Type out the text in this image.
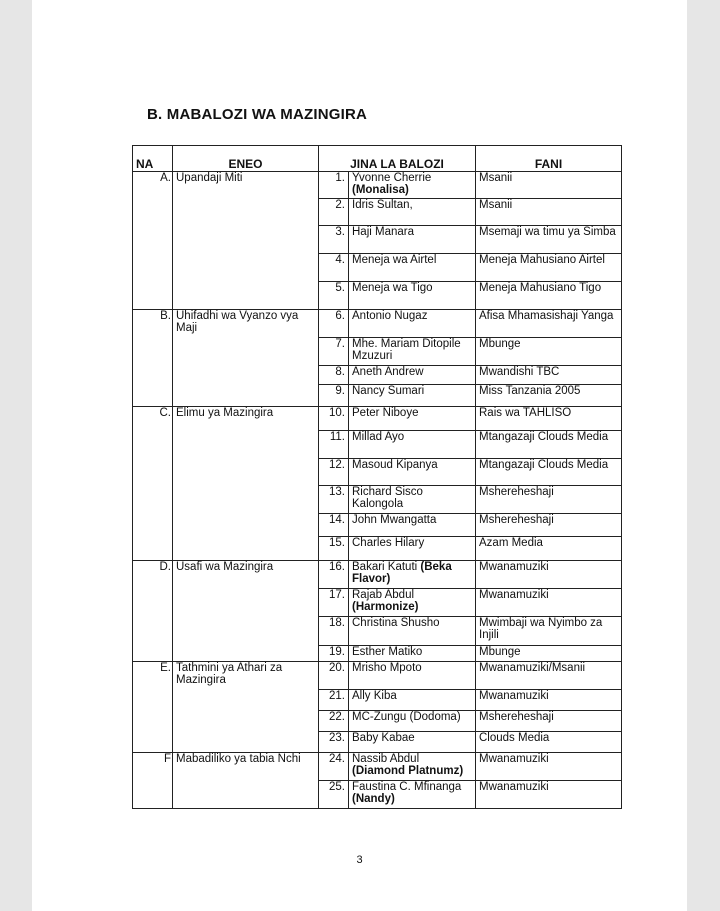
B. MABALOZI WA MAZINGIRA
NA	ENEO	JINA LA BALOZI		FANI
A.	Upandaji Miti	1.	Yvonne Cherrie (Monalisa)	Msanii
		2.	Idris Sultan,	Msanii
		3.	Haji Manara	Msemaji wa timu ya Simba
		4.	Meneja wa Airtel	Meneja Mahusiano Airtel
		5.	Meneja wa Tigo	Meneja Mahusiano Tigo
B.	Uhifadhi wa Vyanzo vya Maji	6.	Antonio Nugaz	Afisa Mhamasishaji Yanga
		7.	Mhe. Mariam Ditopile Mzuzuri	Mbunge
		8.	Aneth Andrew	Mwandishi TBC
		9.	Nancy Sumari	Miss Tanzania 2005
C.	Elimu ya Mazingira	10.	Peter Niboye	Rais wa TAHLISO
		11.	Millad Ayo	Mtangazaji Clouds Media
		12.	Masoud Kipanya	Mtangazaji Clouds Media
		13.	Richard Sisco Kalongola	Mshereheshaji
		14.	John Mwangatta	Mshereheshaji
		15.	Charles Hilary	Azam Media
D.	Usafi wa Mazingira	16.	Bakari Katuti (Beka Flavor)	Mwanamuziki
		17.	Rajab Abdul (Harmonize)	Mwanamuziki
		18.	Christina Shusho	Mwimbaji wa Nyimbo za Injili
		19.	Esther Matiko	Mbunge
E.	Tathmini ya Athari za Mazingira	20.	Mrisho Mpoto	Mwanamuziki/Msanii
		21.	Ally Kiba	Mwanamuziki
		22.	MC-Zungu (Dodoma)	Mshereheshaji
		23.	Baby Kabae	Clouds Media
F	Mabadiliko ya tabia Nchi	24.	Nassib Abdul (Diamond Platnumz)	Mwanamuziki
		25.	Faustina C. Mfinanga (Nandy)	Mwanamuziki
3
